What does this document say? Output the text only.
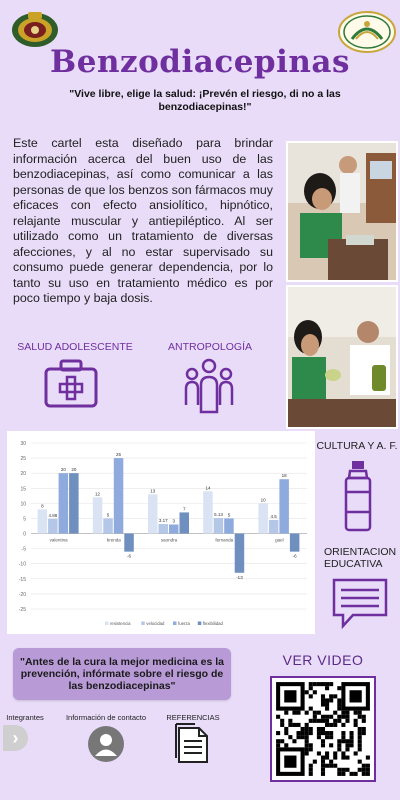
Benzodiacepinas
"Vive libre, elige la salud: ¡Prevén el riesgo, di no a las benzodiacepinas!"
Este cartel esta diseñado para brindar información acerca del buen uso de las benzodiacepinas, así como comunicar a las personas de que los benzos son fármacos muy eficaces con efecto ansiolítico, hipnótico, relajante muscular y antiepiléptico. Al ser utilizado como un tratamiento de diversas afecciones, y al no estar supervisado su consumo puede generar dependencia, por lo tanto su uso en tratamiento médico es por poco tiempo y baja dosis.
SALUD ADOLESCENTE	ANTROPOLOGÍA
30
25
20
15
10
5
0
-5
-10
-15
-20
-25
8
4.88
20 20
valentina
12
5
25
-6
brenda
13
3.17 3
7
saondra
14
5.13 5
-13
fernanda
10
4.5
18
-6
gael
resistencia	velocidad	fuerza	flexibilidad
CULTURA Y A. F.
ORIENTACION EDUCATIVA
"Antes de la cura la mejor medicina es la prevención, infórmate sobre el riesgo de las benzodiacepinas"
VER VIDEO
Integrantes
›
Información de contacto	REFERENCIAS
